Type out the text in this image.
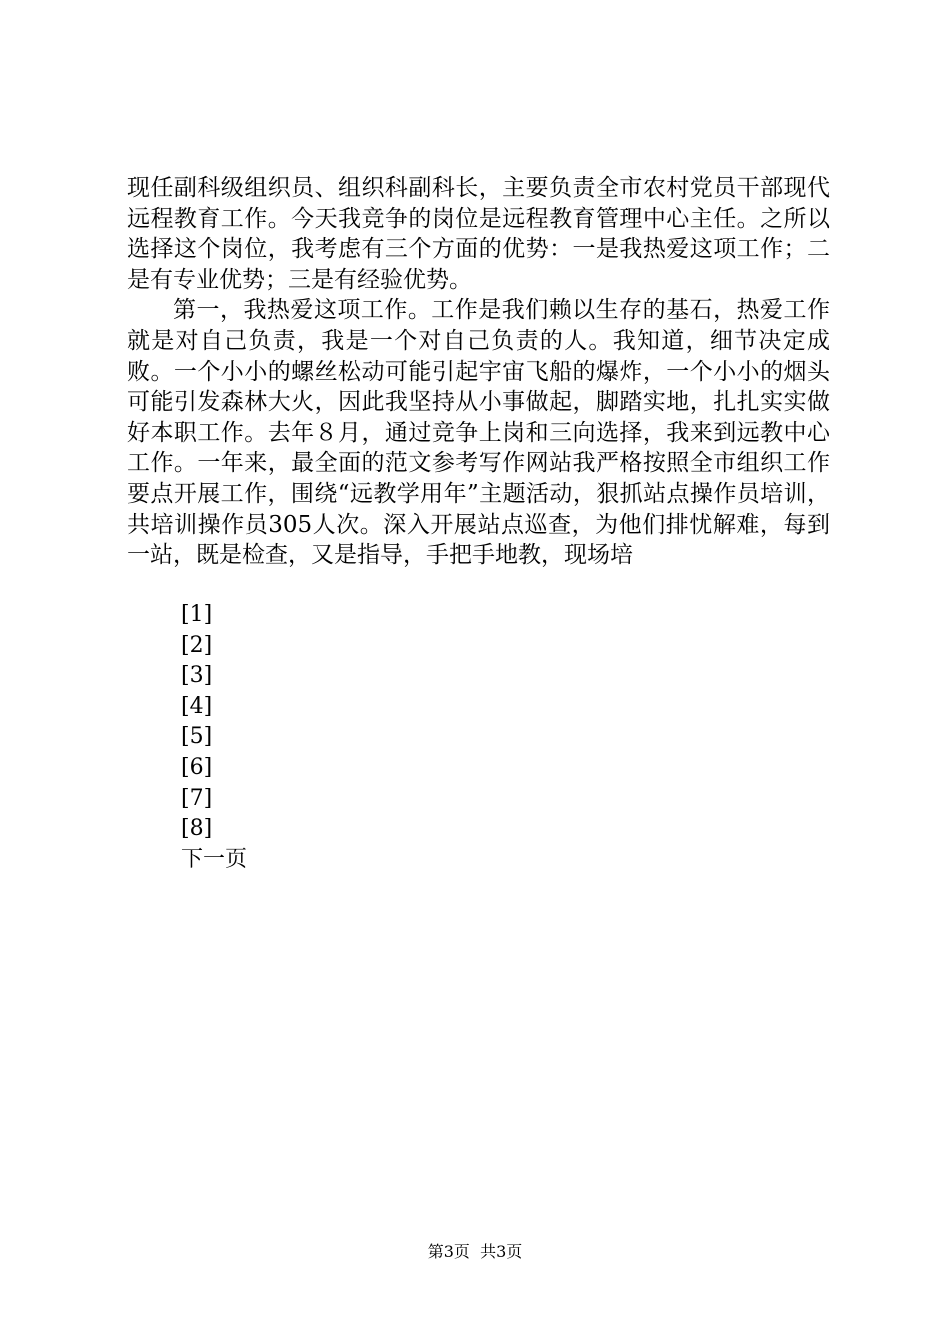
现任副科级组织员、组织科副科长，主要负责全市农村党员干部现代远程教育工作。今天我竞争的岗位是远程教育管理中心主任。之所以选择这个岗位，我考虑有三个方面的优势：一是我热爱这项工作；二是有专业优势；三是有经验优势。

第一，我热爱这项工作。工作是我们赖以生存的基石，热爱工作就是对自己负责，我是一个对自己负责的人。我知道，细节决定成败。一个小小的螺丝松动可能引起宇宙飞船的爆炸，一个小小的烟头可能引发森林大火，因此我坚持从小事做起，脚踏实地，扎扎实实做好本职工作。去年８月，通过竞争上岗和三向选择，我来到远教中心工作。一年来，最全面的范文参考写作网站我严格按照全市组织工作要点开展工作，围绕“远教学用年”主题活动，狠抓站点操作员培训，共培训操作员305人次。深入开展站点巡查，为他们排忧解难，每到一站，既是检查，又是指导，手把手地教，现场培

[1]
[2]
[3]
[4]
[5]
[6]
[7]
[8]
下一页
第3页  共3页
